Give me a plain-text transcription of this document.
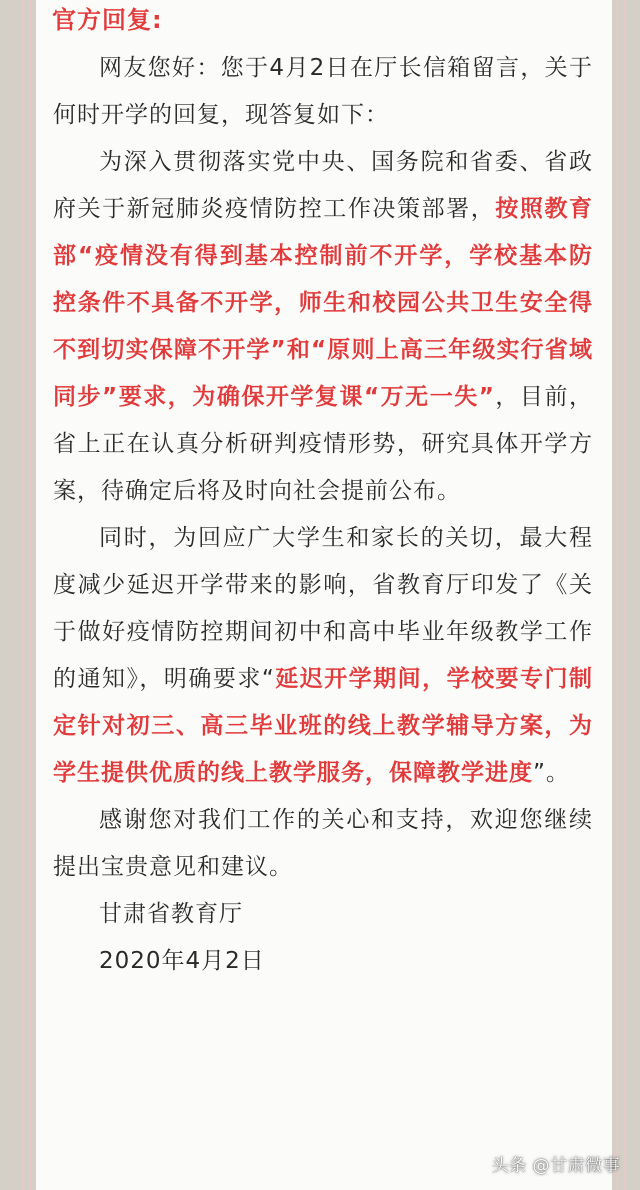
官方回复:

网友您好：您于4月2日在厅长信箱留言，关于何时开学的回复，现答复如下：

为深入贯彻落实党中央、国务院和省委、省政府关于新冠肺炎疫情防控工作决策部署，按照教育部“疫情没有得到基本控制前不开学，学校基本防控条件不具备不开学，师生和校园公共卫生安全得不到切实保障不开学”和“原则上高三年级实行省域同步”要求，为确保开学复课“万无一失”，目前，省上正在认真分析研判疫情形势，研究具体开学方案，待确定后将及时向社会提前公布。

同时，为回应广大学生和家长的关切，最大程度减少延迟开学带来的影响，省教育厅印发了《关于做好疫情防控期间初中和高中毕业年级教学工作的通知》，明确要求“延迟开学期间，学校要专门制定针对初三、高三毕业班的线上教学辅导方案，为学生提供优质的线上教学服务，保障教学进度”。

感谢您对我们工作的关心和支持，欢迎您继续提出宝贵意见和建议。

甘肃省教育厅

2020年4月2日

头条 @甘肃微事
